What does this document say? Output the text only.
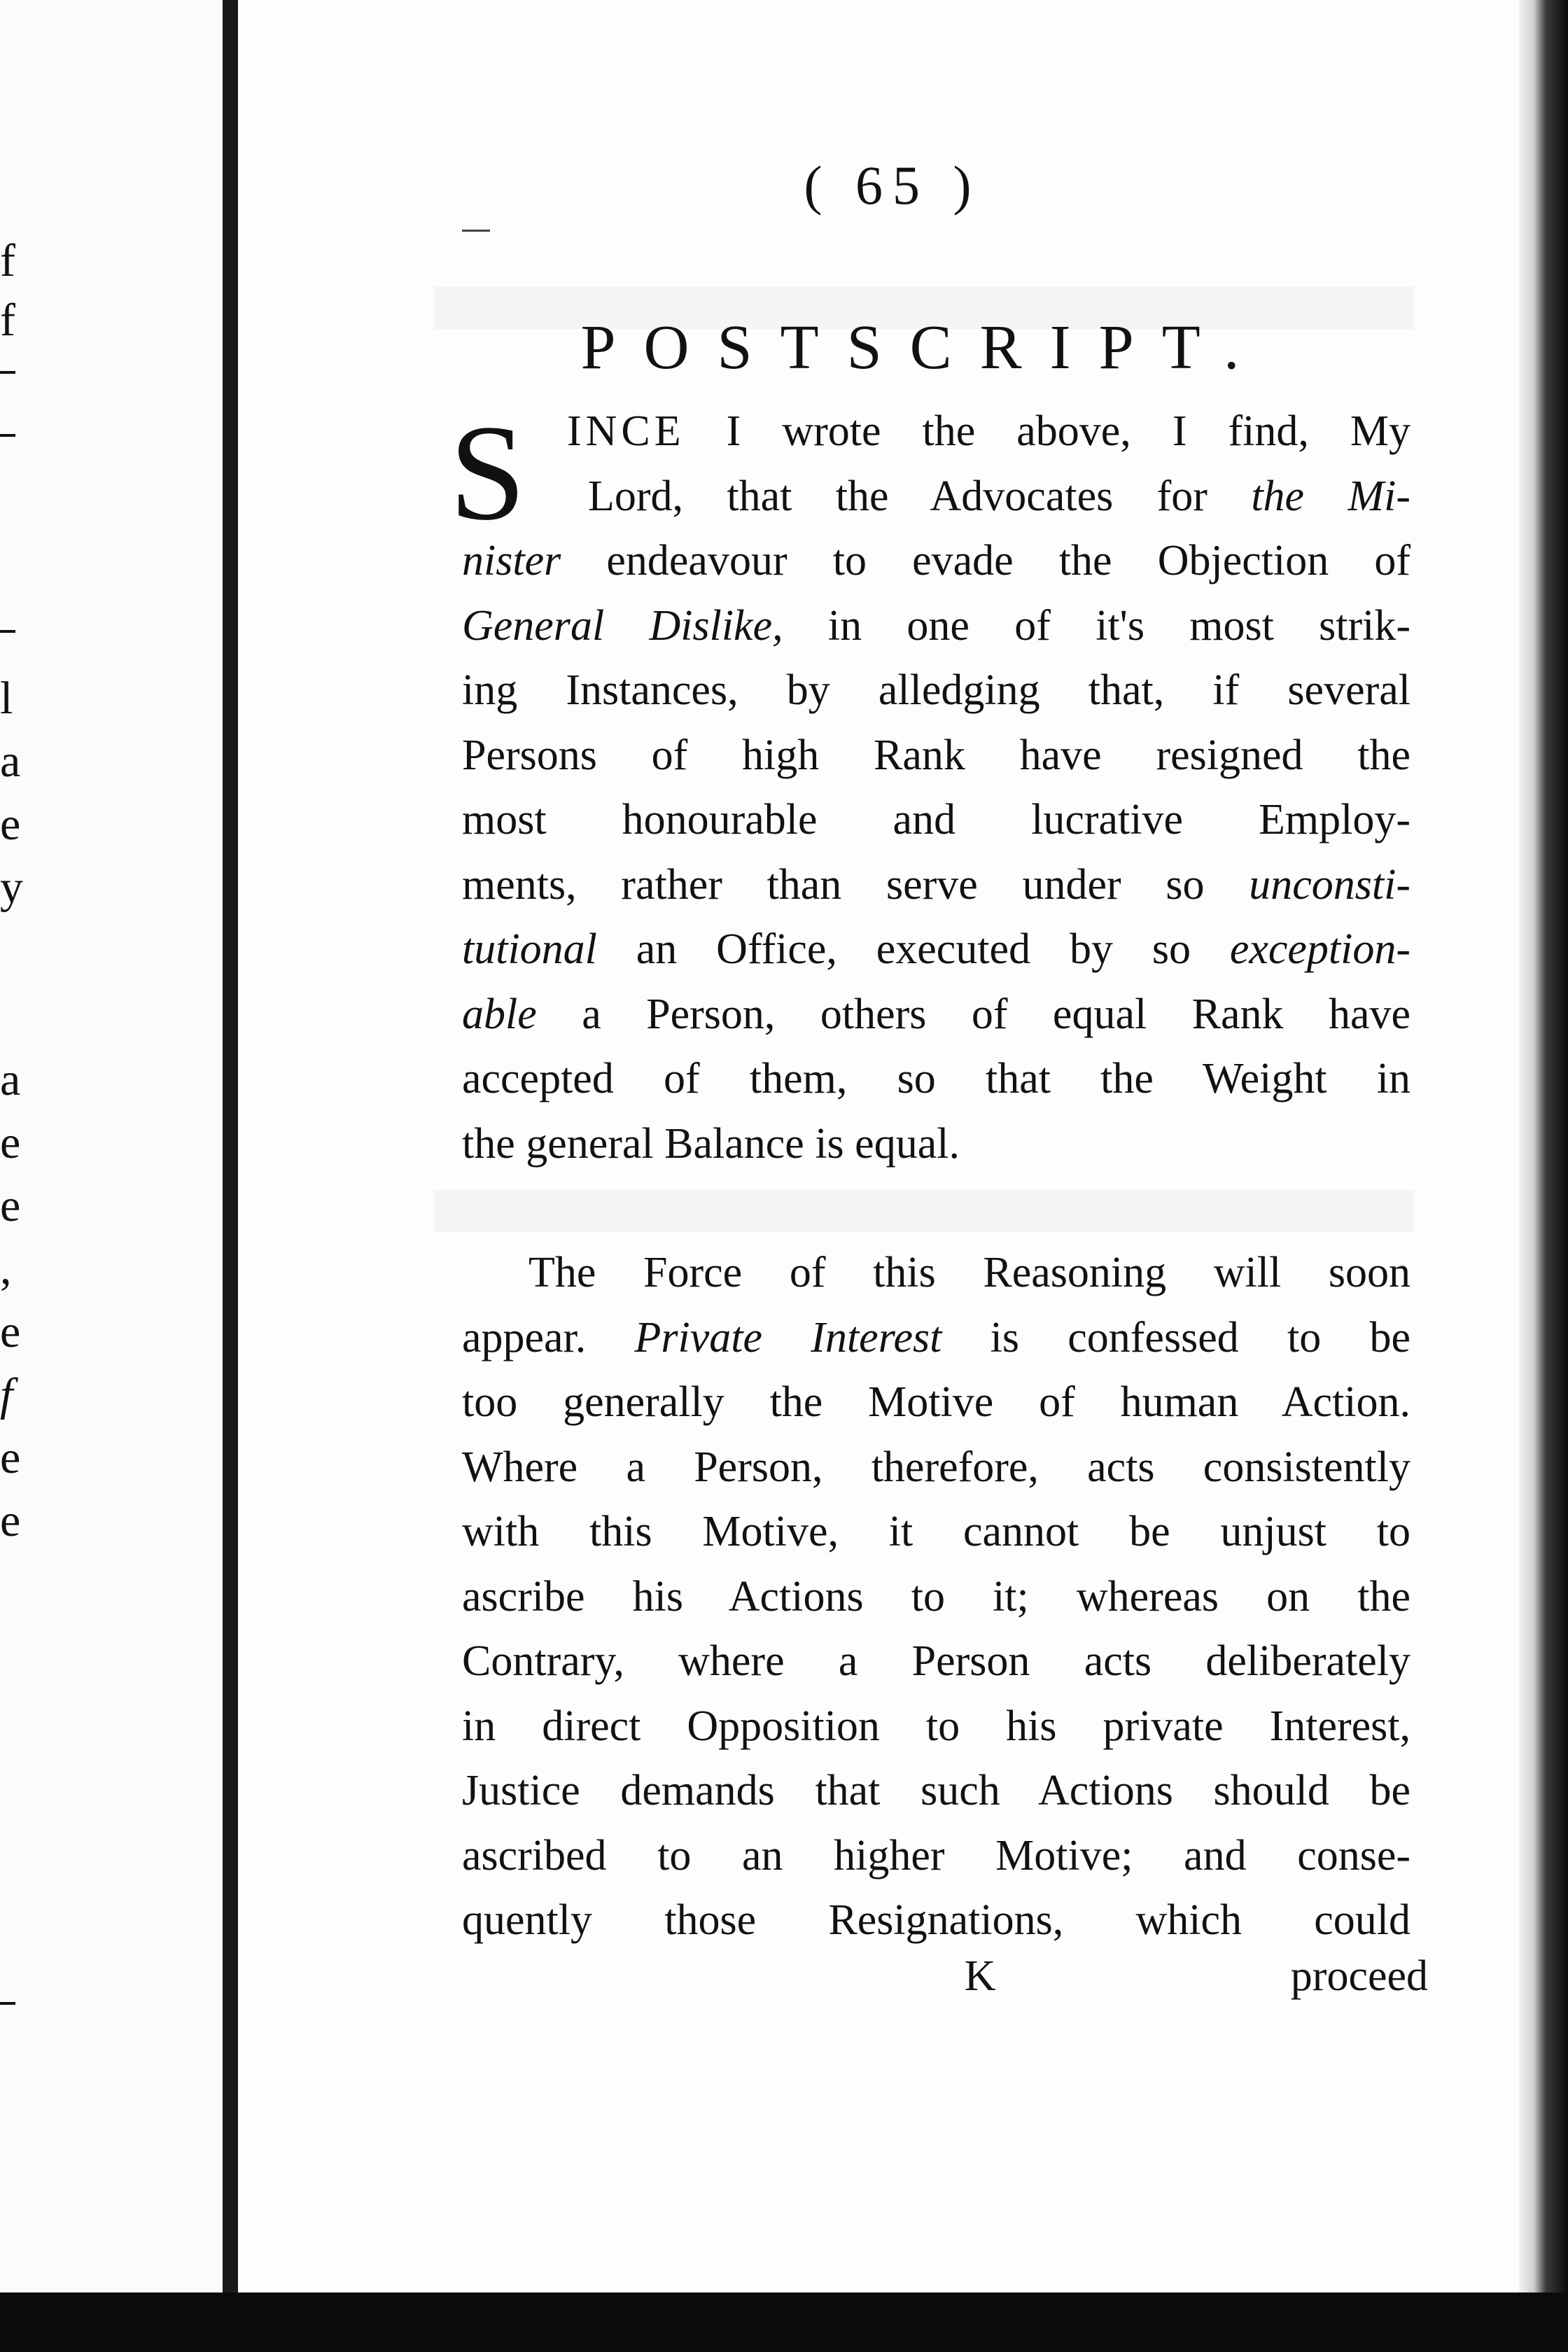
f
f
l
a
e
y
a
e
e
,
e
f
e
e
( 65 )
POSTSCRIPT.
S INCE I wrote the above, I find, My
Lord, that the Advocates for the Mi-
nister endeavour to evade the Objection of
General Dislike, in one of it's most strik-
ing Instances, by alledging that, if several
Persons of high Rank have resigned the
most honourable and lucrative Employ-
ments, rather than serve under so unconsti-
tutional an Office, executed by so exception-
able a Person, others of equal Rank have
accepted of them, so that the Weight in
the general Balance is equal.
The Force of this Reasoning will soon
appear. Private Interest is confessed to be
too generally the Motive of human Action.
Where a Person, therefore, acts consistently
with this Motive, it cannot be unjust to
ascribe his Actions to it; whereas on the
Contrary, where a Person acts deliberately
in direct Opposition to his private Interest,
Justice demands that such Actions should be
ascribed to an higher Motive; and conse-
quently those Resignations, which could
K	proceed
